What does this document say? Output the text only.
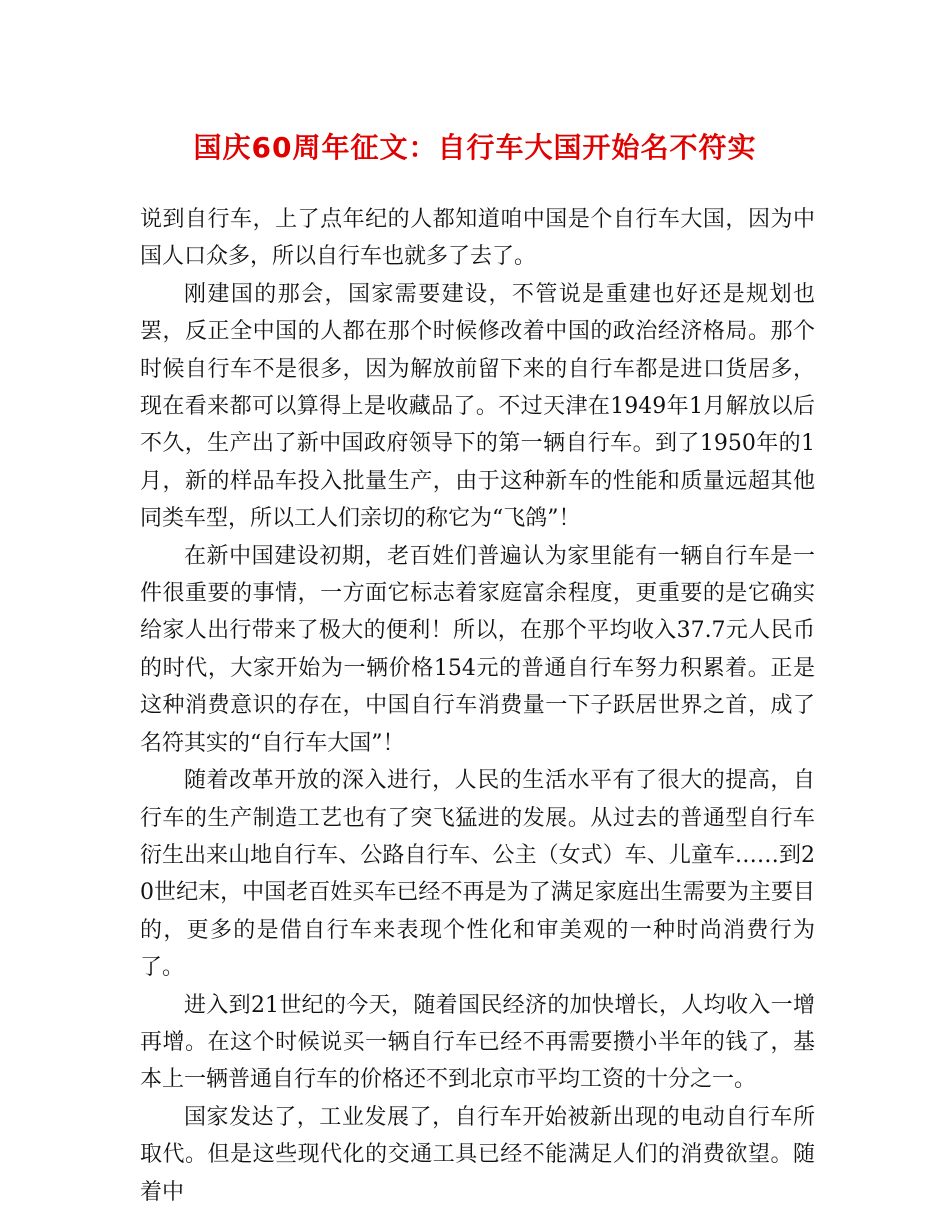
国庆60周年征文：自行车大国开始名不符实

说到自行车，上了点年纪的人都知道咱中国是个自行车大国，因为中国人口众多，所以自行车也就多了去了。

刚建国的那会，国家需要建设，不管说是重建也好还是规划也罢，反正全中国的人都在那个时候修改着中国的政治经济格局。那个时候自行车不是很多，因为解放前留下来的自行车都是进口货居多，现在看来都可以算得上是收藏品了。不过天津在1949年1月解放以后不久，生产出了新中国政府领导下的第一辆自行车。到了1950年的1月，新的样品车投入批量生产，由于这种新车的性能和质量远超其他同类车型，所以工人们亲切的称它为“飞鸽”！

在新中国建设初期，老百姓们普遍认为家里能有一辆自行车是一件很重要的事情，一方面它标志着家庭富余程度，更重要的是它确实给家人出行带来了极大的便利！所以，在那个平均收入37.7元人民币的时代，大家开始为一辆价格154元的普通自行车努力积累着。正是这种消费意识的存在，中国自行车消费量一下子跃居世界之首，成了名符其实的“自行车大国”！

随着改革开放的深入进行，人民的生活水平有了很大的提高，自行车的生产制造工艺也有了突飞猛进的发展。从过去的普通型自行车衍生出来山地自行车、公路自行车、公主（女式）车、儿童车……到20世纪末，中国老百姓买车已经不再是为了满足家庭出生需要为主要目的，更多的是借自行车来表现个性化和审美观的一种时尚消费行为了。

进入到21世纪的今天，随着国民经济的加快增长，人均收入一增再增。在这个时候说买一辆自行车已经不再需要攒小半年的钱了，基本上一辆普通自行车的价格还不到北京市平均工资的十分之一。

国家发达了，工业发展了，自行车开始被新出现的电动自行车所取代。但是这些现代化的交通工具已经不能满足人们的消费欲望。随着中
